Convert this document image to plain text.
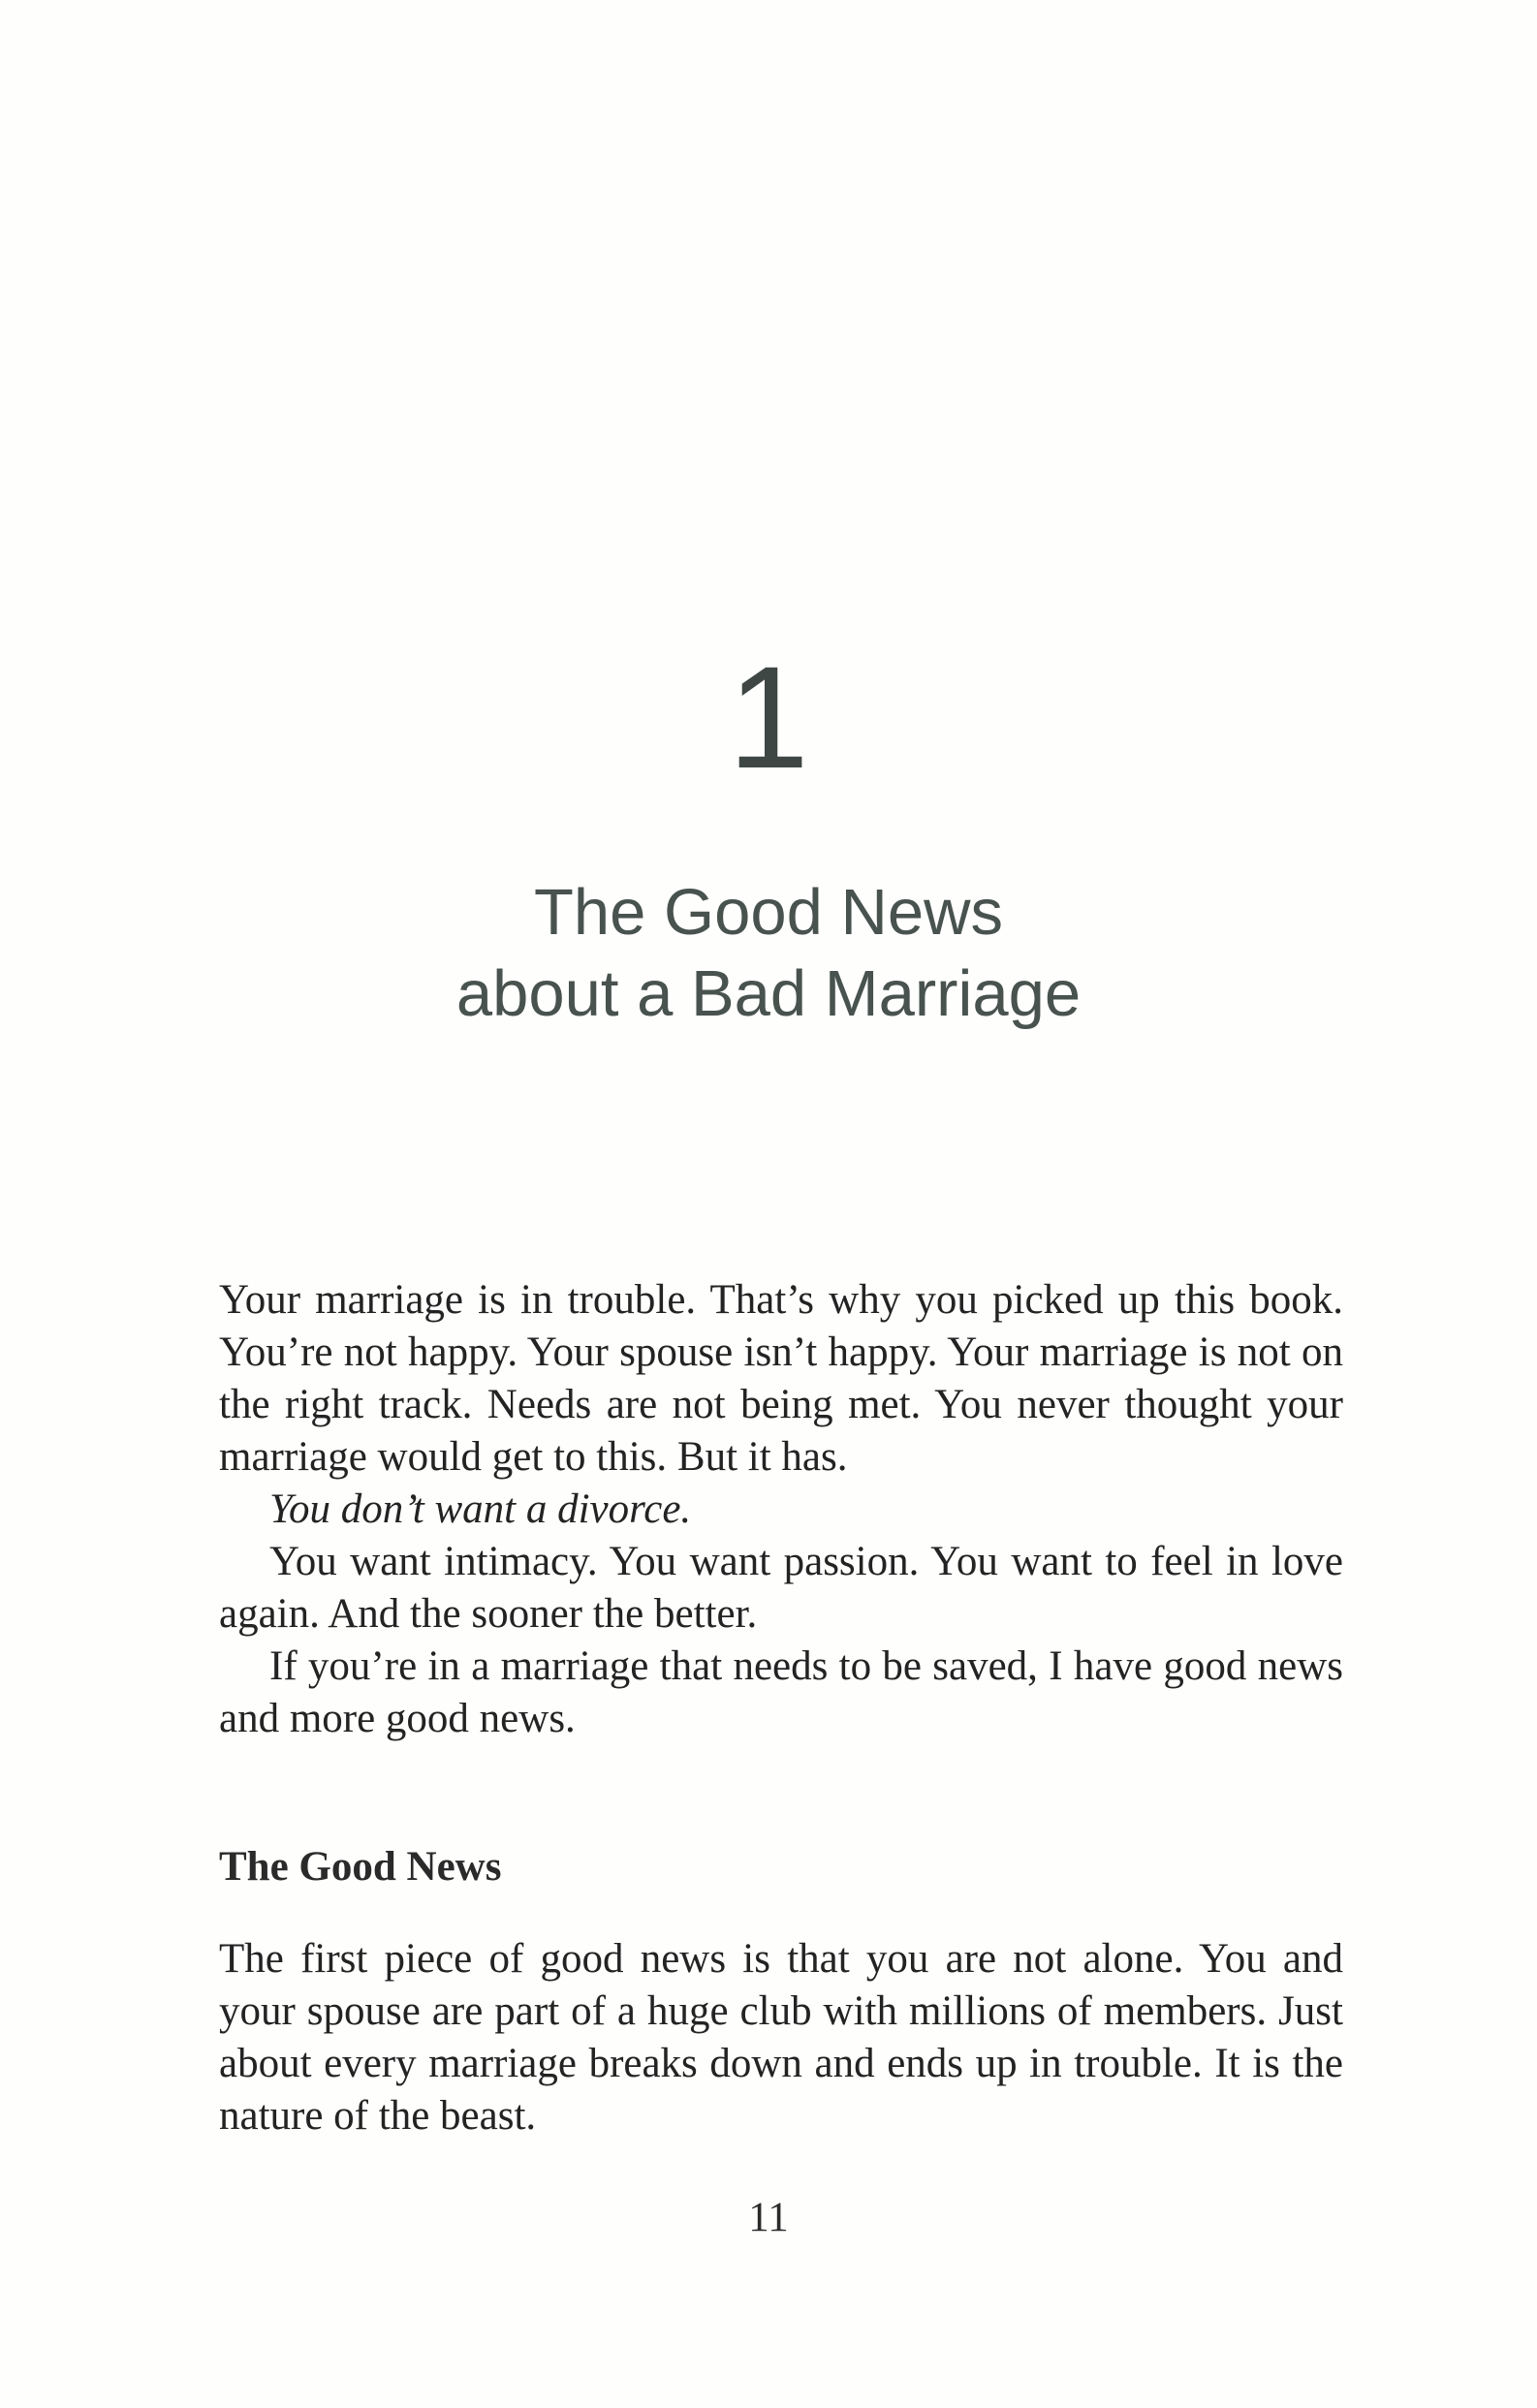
1
The Good News
about a Bad Marriage

Your marriage is in trouble. That’s why you picked up this book. You’re not happy. Your spouse isn’t happy. Your marriage is not on the right track. Needs are not being met. You never thought your marriage would get to this. But it has.

You don’t want a divorce.

You want intimacy. You want passion. You want to feel in love again. And the sooner the better.

If you’re in a marriage that needs to be saved, I have good news and more good news.

The Good News

The first piece of good news is that you are not alone. You and your spouse are part of a huge club with millions of members. Just about every marriage breaks down and ends up in trouble. It is the nature of the beast.

11
